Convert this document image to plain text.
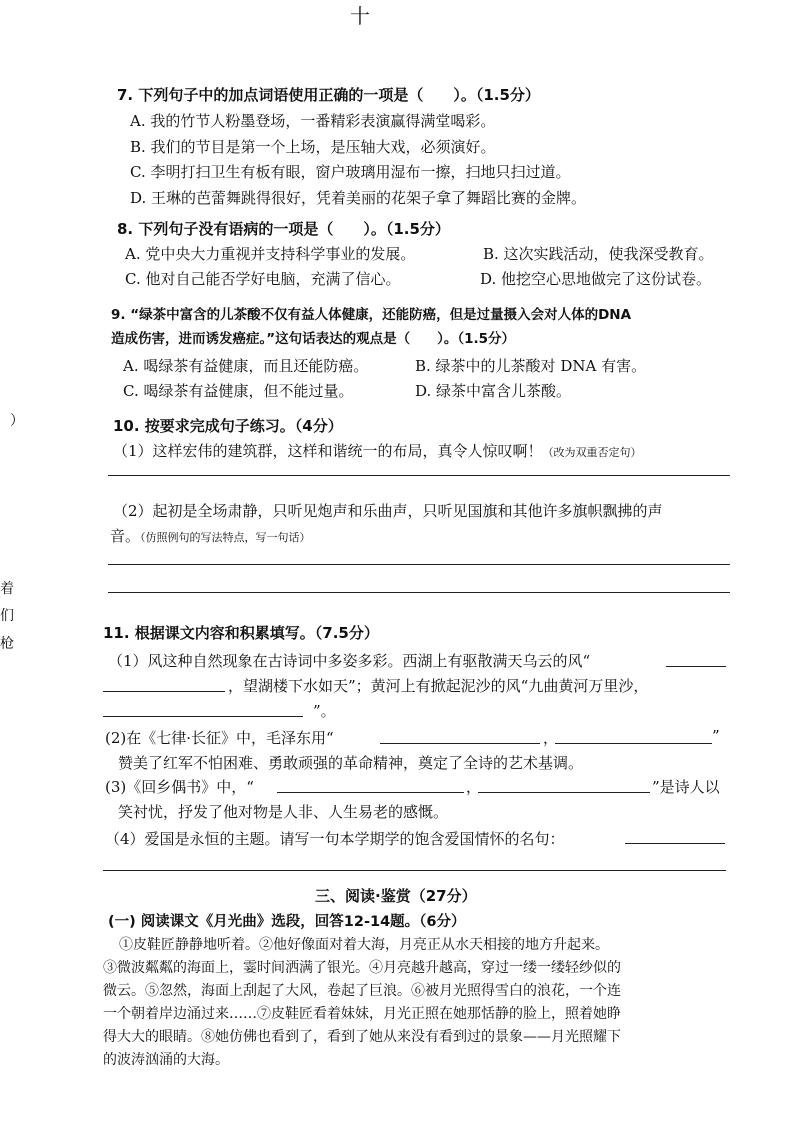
十
）
着
们
枪
7. 下列句子中的加点词语使用正确的一项是（　　）。（1.5分）
A. 我的竹节人粉墨登场，一番精彩表演赢得满堂喝彩。
B. 我们的节目是第一个上场，是压轴大戏，必须演好。
C. 李明打扫卫生有板有眼，窗户玻璃用湿布一擦，扫地只扫过道。
D. 王琳的芭蕾舞跳得很好，凭着美丽的花架子拿了舞蹈比赛的金牌。
8. 下列句子没有语病的一项是（　　）。（1.5分）
A. 党中央大力重视并支持科学事业的发展。	B. 这次实践活动，使我深受教育。
C. 他对自己能否学好电脑，充满了信心。	D. 他挖空心思地做完了这份试卷。
9. “绿茶中富含的儿茶酸不仅有益人体健康，还能防癌，但是过量摄入会对人体的DNA
造成伤害，进而诱发癌症。”这句话表达的观点是（　　）。（1.5分）
A. 喝绿茶有益健康，而且还能防癌。	B. 绿茶中的儿茶酸对 DNA 有害。
C. 喝绿茶有益健康，但不能过量。	D. 绿茶中富含儿茶酸。
10. 按要求完成句子练习。（4分）
（1）这样宏伟的建筑群，这样和谐统一的布局，真令人惊叹啊！（改为双重否定句）
（2）起初是全场肃静，只听见炮声和乐曲声，只听见国旗和其他许多旗帜飘拂的声
音。（仿照例句的写法特点，写一句话）
11. 根据课文内容和积累填写。（7.5分）
（1）风这种自然现象在古诗词中多姿多彩。西湖上有驱散满天乌云的风“
，望湖楼下水如天”；黄河上有掀起泥沙的风“九曲黄河万里沙，
”。
(2)在《七律·长征》中，毛泽东用“	，	”
赞美了红军不怕困难、勇敢顽强的革命精神，奠定了全诗的艺术基调。
(3)《回乡偶书》中，“	，	”是诗人以
笑衬忧，抒发了他对物是人非、人生易老的感慨。
（4）爱国是永恒的主题。请写一句本学期学的饱含爱国情怀的名句：
三、阅读·鉴赏（27分）
(一) 阅读课文《月光曲》选段，回答12-14题。（6分）
①皮鞋匠静静地听着。②他好像面对着大海，月亮正从水天相接的地方升起来。
③微波粼粼的海面上，霎时间洒满了银光。④月亮越升越高，穿过一缕一缕轻纱似的
微云。⑤忽然，海面上刮起了大风，卷起了巨浪。⑥被月光照得雪白的浪花，一个连
一个朝着岸边涌过来……⑦皮鞋匠看着妹妹，月光正照在她那恬静的脸上，照着她睁
得大大的眼睛。⑧她仿佛也看到了，看到了她从来没有看到过的景象——月光照耀下
的波涛汹涌的大海。
